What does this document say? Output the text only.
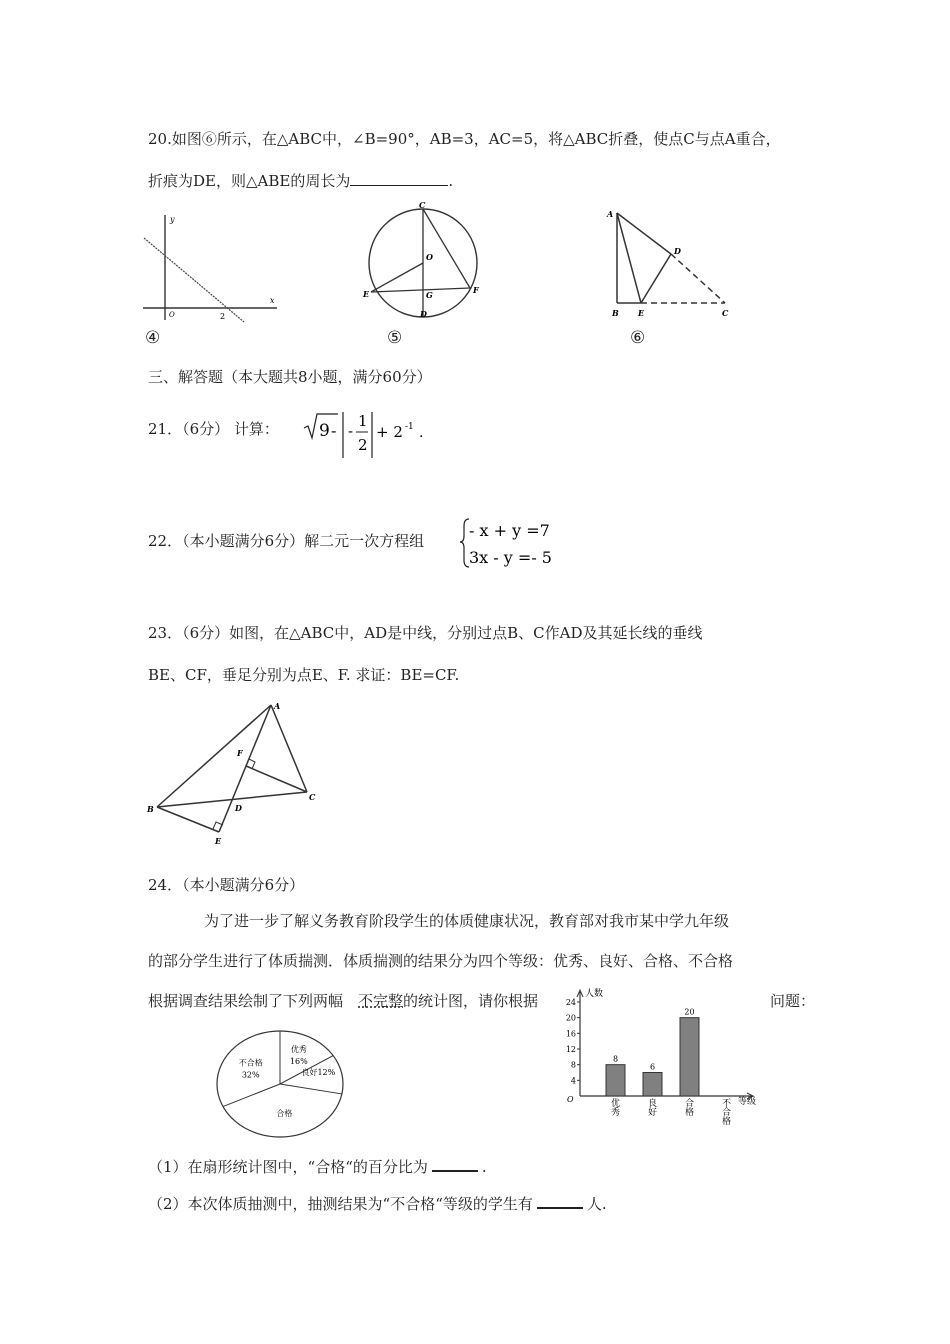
20.如图⑥所示，在△ABC中，∠B=90°，AB=3，AC=5，将△ABC折叠，使点C与点A重合，
折痕为DE，则△ABE的周长为	.
y
x
O	2
④
C
O
E	G	F
D
⑤
A
D
B E	C
⑥
三、解答题（本大题共8小题，满分60分）
21．（6分） 计算： 9 - -
1
2
+ 2 -1 .
22．（本小题满分6分）解二元一次方程组
- x + y =7
3x - y =- 5
23．（6分）如图，在△ABC中，AD是中线，分别过点B、C作AD及其延长线的垂线
BE、CF，垂足分别为点E、F. 求证：BE=CF.
A
F
B	D
C
E
24．（本小题满分6分）
为了进一步了解义务教育阶段学生的体质健康状况，教育部对我市某中学九年级
的部分学生进行了体质揣测．体质揣测的结果分为四个等级：优秀、良好、合格、不合格
根据调查结果绘制了下列两幅 不完整 的统计图，请你根据	问题：
不合格
32%
优秀
16%
良好12%
合格
人数
等级
O
4
8
12
16
20
24
8
优秀
6
良好
20
合格
不合格
（1）在扇形统计图中，“合格“的百分比为	.
（2）本次体质抽测中，抽测结果为“不合格“等级的学生有	人.
